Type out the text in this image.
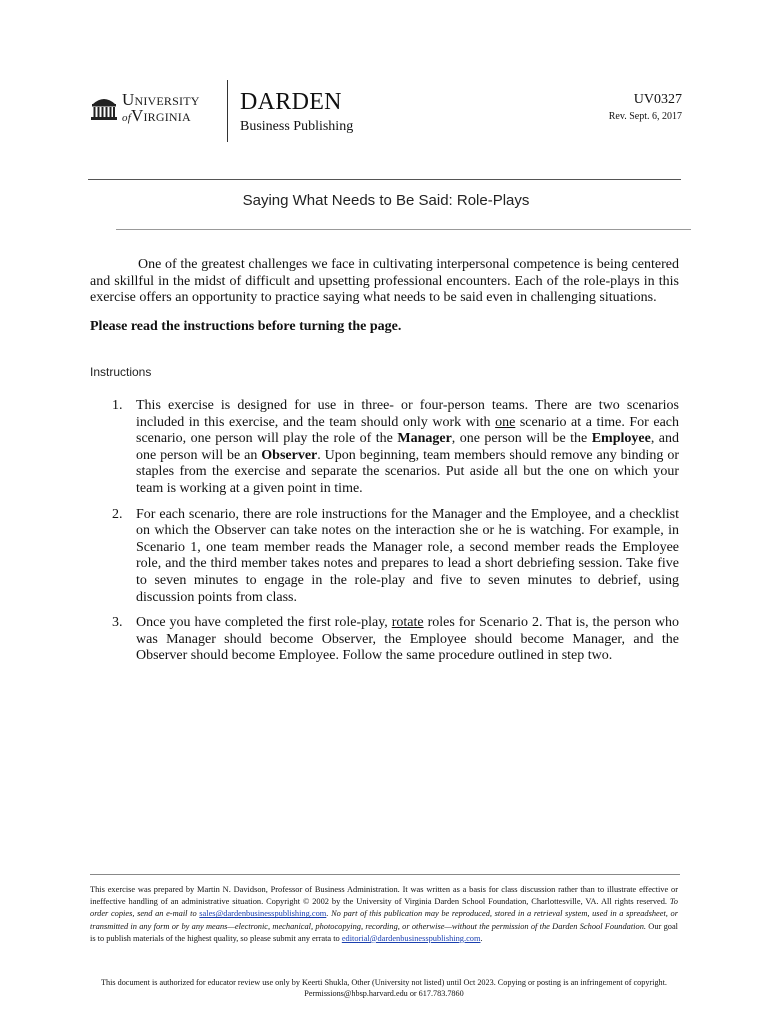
University
ofVirginia
DARDEN
Business Publishing
UV0327
Rev. Sept. 6, 2017
Saying What Needs to Be Said: Role-Plays

One of the greatest challenges we face in cultivating interpersonal competence is being centered and skillful in the midst of difficult and upsetting professional encounters. Each of the role-plays in this exercise offers an opportunity to practice saying what needs to be said even in challenging situations.

Please read the instructions before turning the page.

Instructions
1. This exercise is designed for use in three- or four-person teams. There are two scenarios included in this exercise, and the team should only work with one scenario at a time. For each scenario, one person will play the role of the Manager, one person will be the Employee, and one person will be an Observer. Upon beginning, team members should remove any binding or staples from the exercise and separate the scenarios. Put aside all but the one on which your team is working at a given point in time.
2. For each scenario, there are role instructions for the Manager and the Employee, and a checklist on which the Observer can take notes on the interaction she or he is watching. For example, in Scenario 1, one team member reads the Manager role, a second member reads the Employee role, and the third member takes notes and prepares to lead a short debriefing session. Take five to seven minutes to engage in the role-play and five to seven minutes to debrief, using discussion points from class.
3. Once you have completed the first role-play, rotate roles for Scenario 2. That is, the person who was Manager should become Observer, the Employee should become Manager, and the Observer should become Employee. Follow the same procedure outlined in step two.

This exercise was prepared by Martin N. Davidson, Professor of Business Administration. It was written as a basis for class discussion rather than to illustrate effective or ineffective handling of an administrative situation. Copyright © 2002 by the University of Virginia Darden School Foundation, Charlottesville, VA. All rights reserved. To order copies, send an e-mail to sales@dardenbusinesspublishing.com. No part of this publication may be reproduced, stored in a retrieval system, used in a spreadsheet, or transmitted in any form or by any means—electronic, mechanical, photocopying, recording, or otherwise—without the permission of the Darden School Foundation. Our goal is to publish materials of the highest quality, so please submit any errata to editorial@dardenbusinesspublishing.com.

This document is authorized for educator review use only by Keerti Shukla, Other (University not listed) until Oct 2023. Copying or posting is an infringement of copyright.
Permissions@hbsp.harvard.edu or 617.783.7860
